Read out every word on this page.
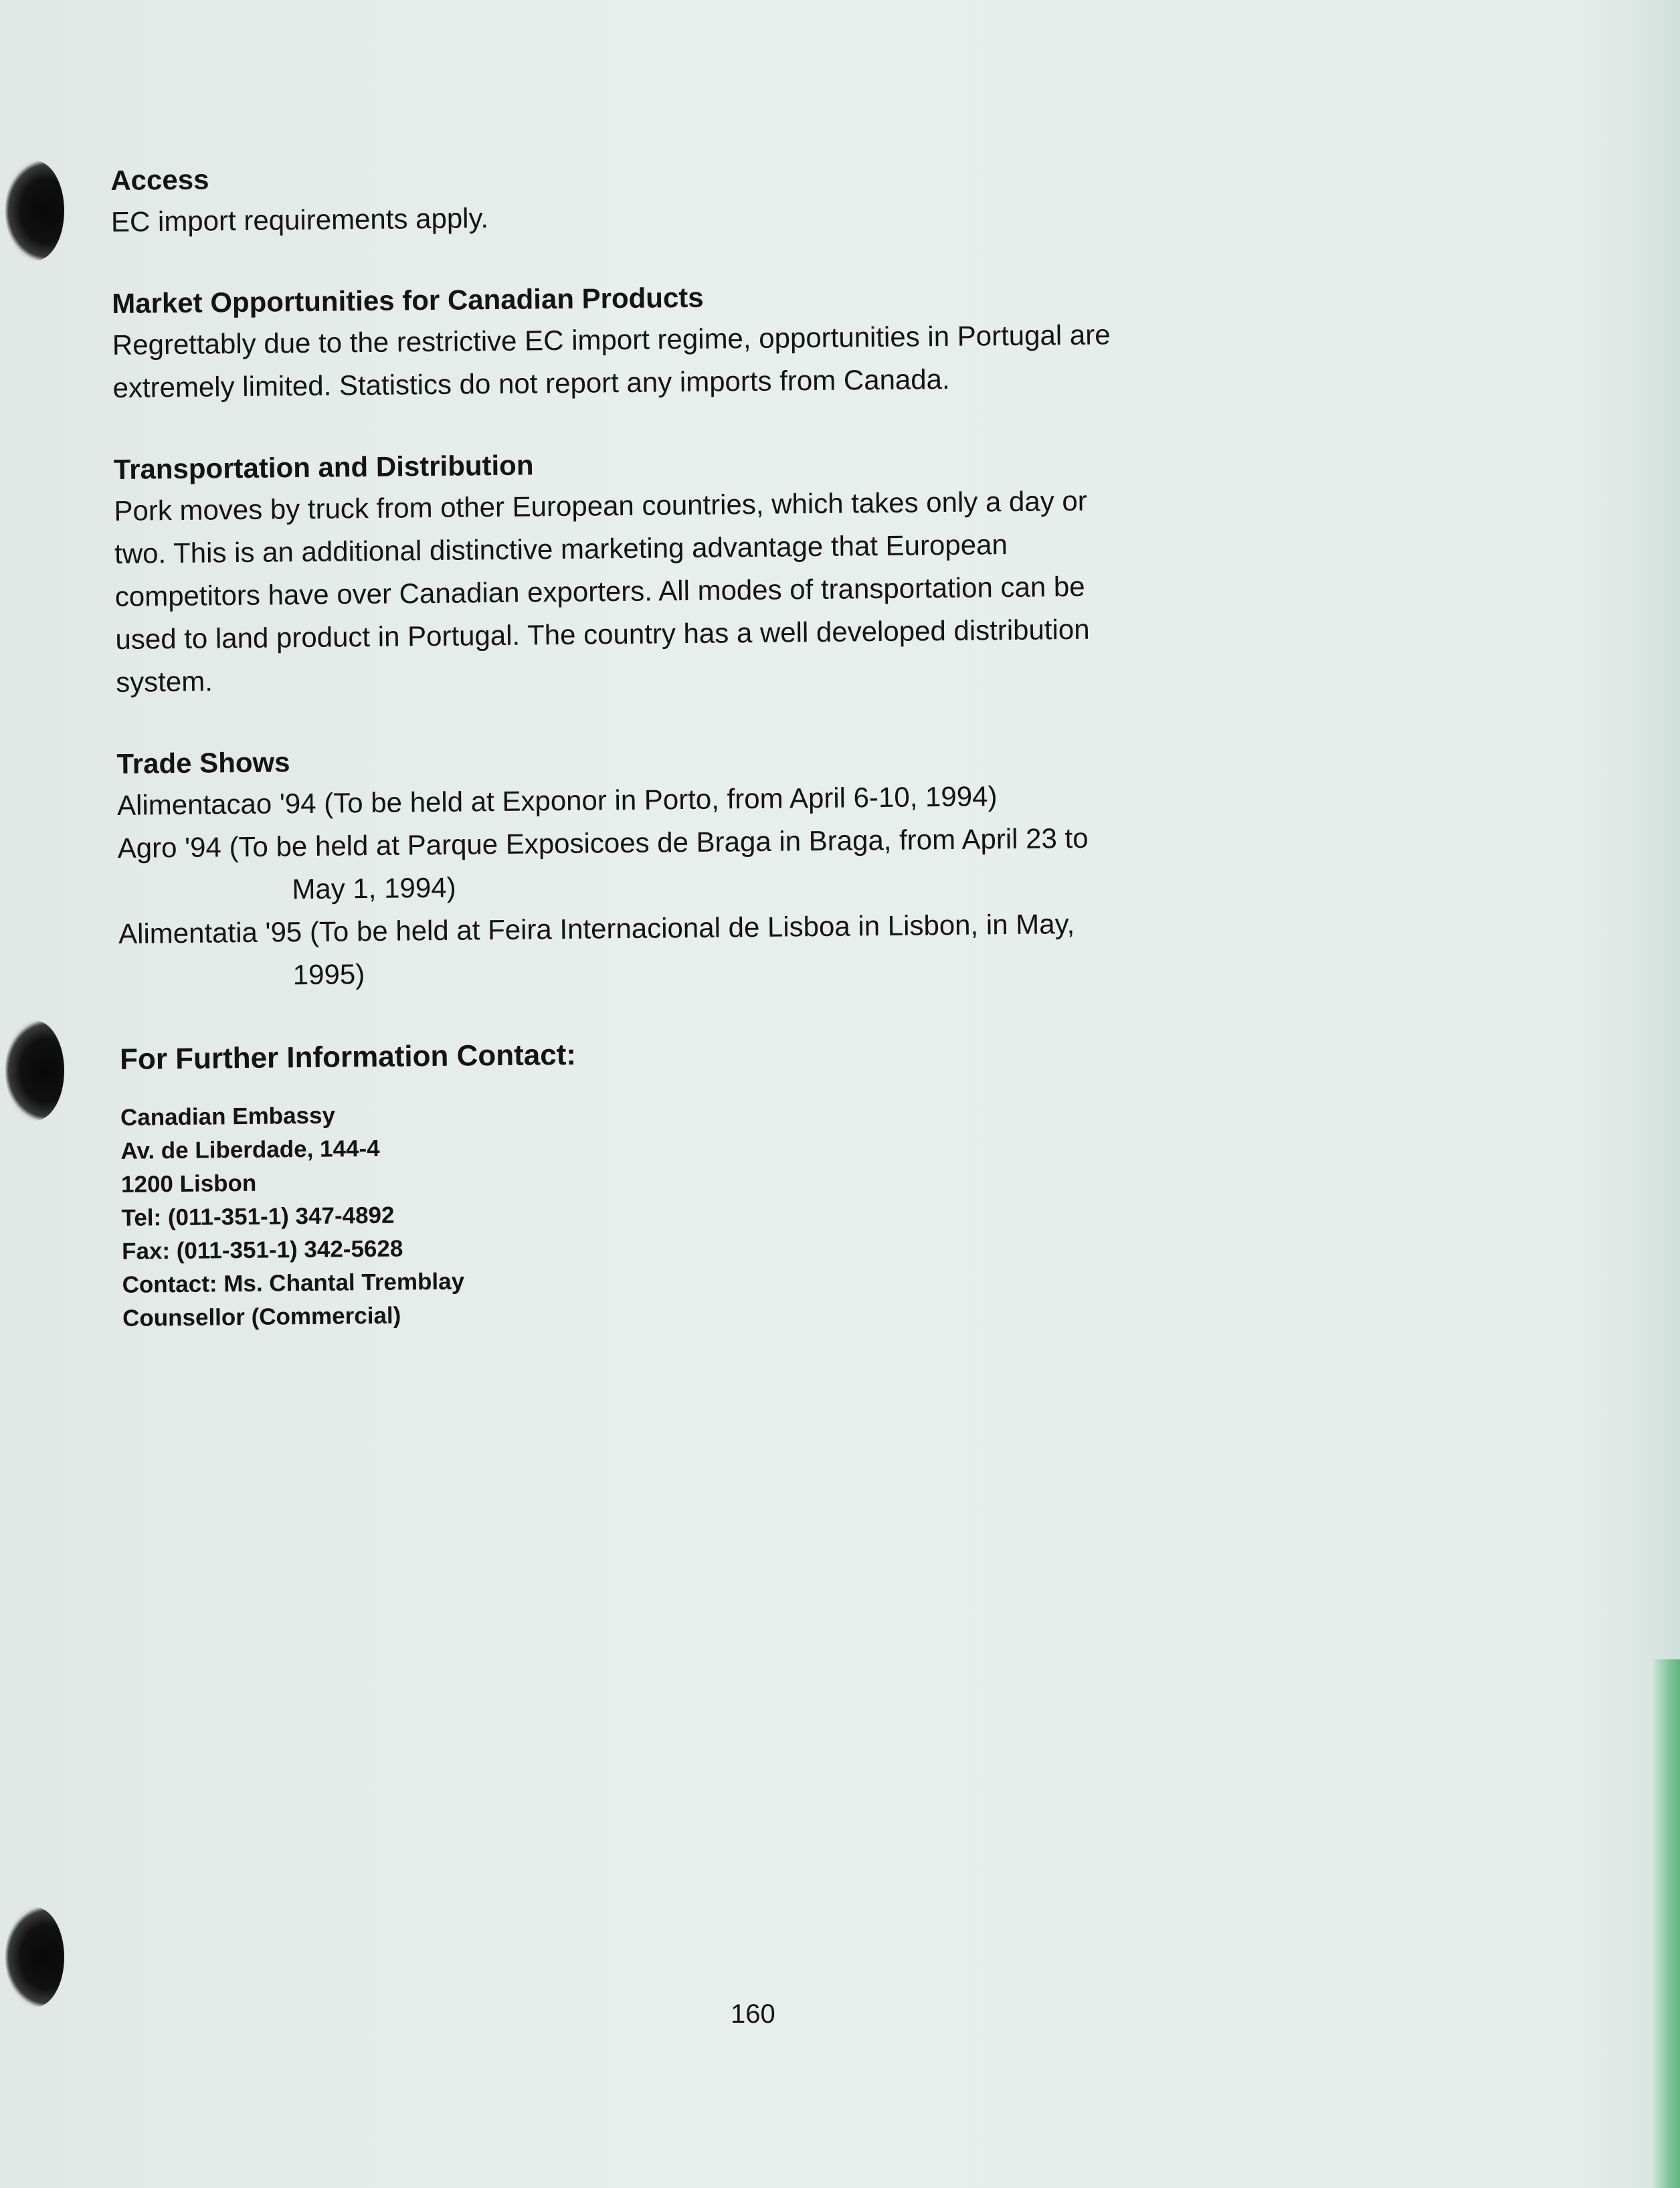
Access
EC import requirements apply.
Market Opportunities for Canadian Products
Regrettably due to the restrictive EC import regime, opportunities in Portugal are
extremely limited. Statistics do not report any imports from Canada.
Transportation and Distribution
Pork moves by truck from other European countries, which takes only a day or
two. This is an additional distinctive marketing advantage that European
competitors have over Canadian exporters. All modes of transportation can be
used to land product in Portugal. The country has a well developed distribution
system.
Trade Shows
Alimentacao '94 (To be held at Exponor in Porto, from April 6-10, 1994)
Agro '94 (To be held at Parque Exposicoes de Braga in Braga, from April 23 to
May 1, 1994)
Alimentatia '95 (To be held at Feira Internacional de Lisboa in Lisbon, in May,
1995)
For Further Information Contact:
Canadian Embassy
Av. de Liberdade, 144-4
1200 Lisbon
Tel: (011-351-1) 347-4892
Fax: (011-351-1) 342-5628
Contact: Ms. Chantal Tremblay
Counsellor (Commercial)
160
